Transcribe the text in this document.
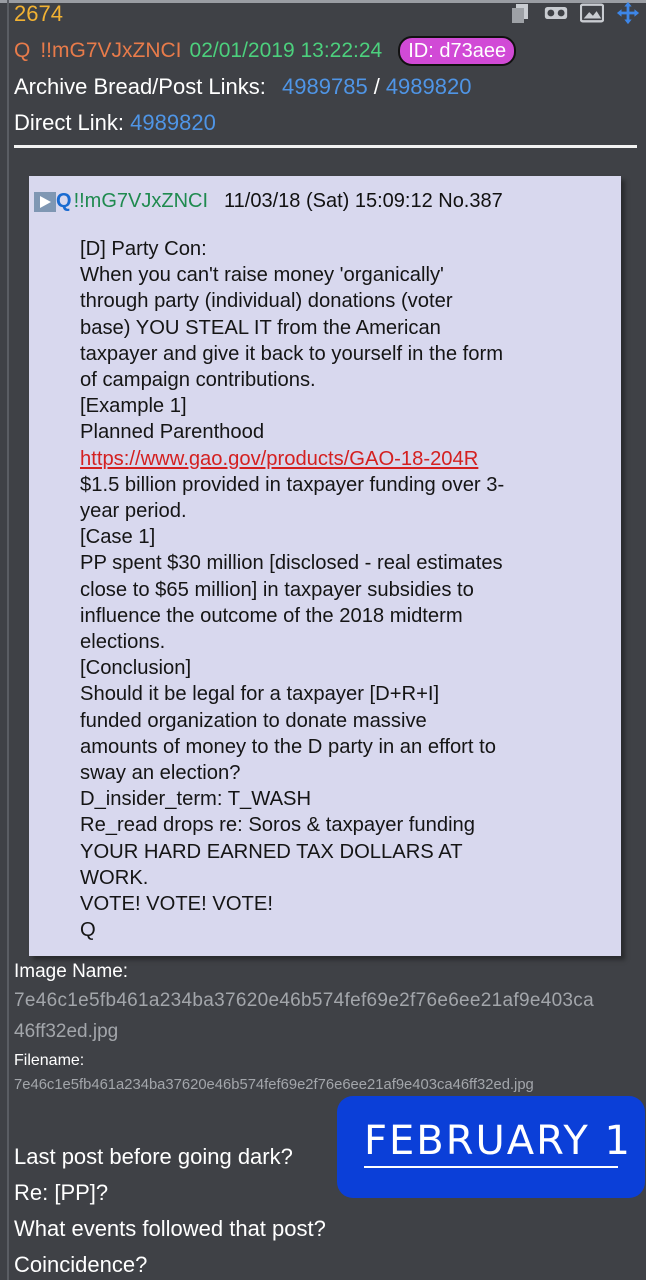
2674
Q !!mG7VJxZNCI 02/01/2019 13:22:24	ID: d73aee
Archive Bread/Post Links: 4989785 / 4989820
Direct Link: 4989820
Q !!mG7VJxZNCI 11/03/18 (Sat) 15:09:12 No.387
[D] Party Con:
When you can't raise money 'organically'
through party (individual) donations (voter
base) YOU STEAL IT from the American
taxpayer and give it back to yourself in the form
of campaign contributions.
[Example 1]
Planned Parenthood
https://www.gao.gov/products/GAO-18-204R
$1.5 billion provided in taxpayer funding over 3-
year period.
[Case 1]
PP spent $30 million [disclosed - real estimates
close to $65 million] in taxpayer subsidies to
influence the outcome of the 2018 midterm
elections.
[Conclusion]
Should it be legal for a taxpayer [D+R+I]
funded organization to donate massive
amounts of money to the D party in an effort to
sway an election?
D_insider_term: T_WASH
Re_read drops re: Soros & taxpayer funding
YOUR HARD EARNED TAX DOLLARS AT
WORK.
VOTE! VOTE! VOTE!
Q
Image Name:
7e46c1e5fb461a234ba37620e46b574fef69e2f76e6ee21af9e403ca
46ff32ed.jpg
Filename:
7e46c1e5fb461a234ba37620e46b574fef69e2f76e6ee21af9e403ca46ff32ed.jpg
FEBRUARY 1
Last post before going dark?
Re: [PP]?
What events followed that post?
Coincidence?
